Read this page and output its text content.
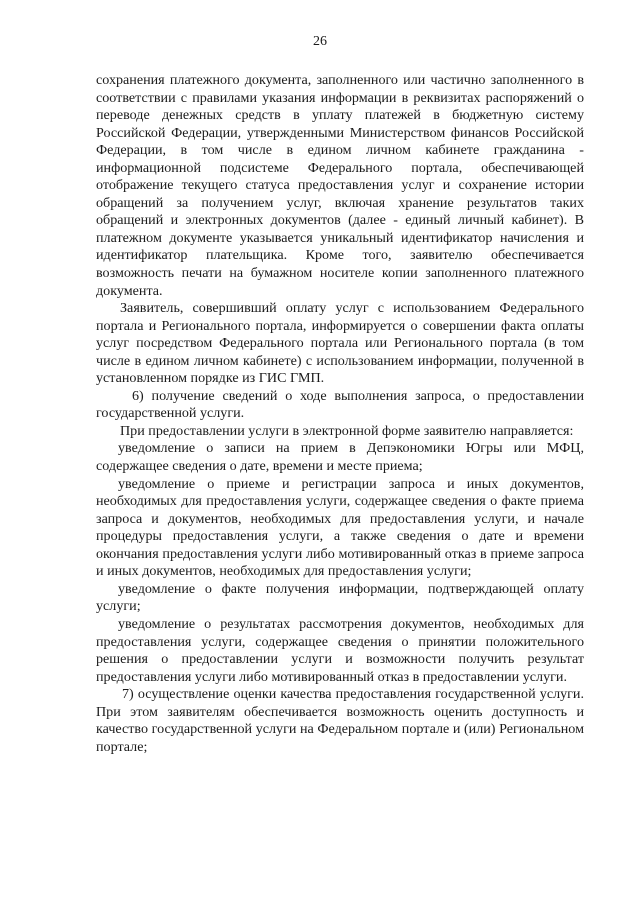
26

сохранения платежного документа, заполненного или частично заполненного в соответствии с правилами указания информации в реквизитах распоряжений о переводе денежных средств в уплату платежей в бюджетную систему Российской Федерации, утвержденными Министерством финансов Российской Федерации, в том числе в едином личном кабинете гражданина - информационной подсистеме Федерального портала, обеспечивающей отображение текущего статуса предоставления услуг и сохранение истории обращений за получением услуг, включая хранение результатов таких обращений и электронных документов (далее - единый личный кабинет). В платежном документе указывается уникальный идентификатор начисления и идентификатор плательщика. Кроме того, заявителю обеспечивается возможность печати на бумажном носителе копии заполненного платежного документа.

Заявитель, совершивший оплату услуг с использованием Федерального портала и Регионального портала, информируется о совершении факта оплаты услуг посредством Федерального портала или Регионального портала (в том числе в едином личном кабинете) с использованием информации, полученной в установленном порядке из ГИС ГМП.

6) получение сведений о ходе выполнения запроса, о предоставлении государственной услуги.

При предоставлении услуги в электронной форме заявителю направляется:

уведомление о записи на прием в Депэкономики Югры или МФЦ, содержащее сведения о дате, времени и месте приема;

уведомление о приеме и регистрации запроса и иных документов, необходимых для предоставления услуги, содержащее сведения о факте приема запроса и документов, необходимых для предоставления услуги, и начале процедуры предоставления услуги, а также сведения о дате и времени окончания предоставления услуги либо мотивированный отказ в приеме запроса и иных документов, необходимых для предоставления услуги;

уведомление о факте получения информации, подтверждающей оплату услуги;

уведомление о результатах рассмотрения документов, необходимых для предоставления услуги, содержащее сведения о принятии положительного решения о предоставлении услуги и возможности получить результат предоставления услуги либо мотивированный отказ в предоставлении услуги.

7) осуществление оценки качества предоставления государственной услуги. При этом заявителям обеспечивается возможность оценить доступность и качество государственной услуги на Федеральном портале и (или) Региональном портале;
